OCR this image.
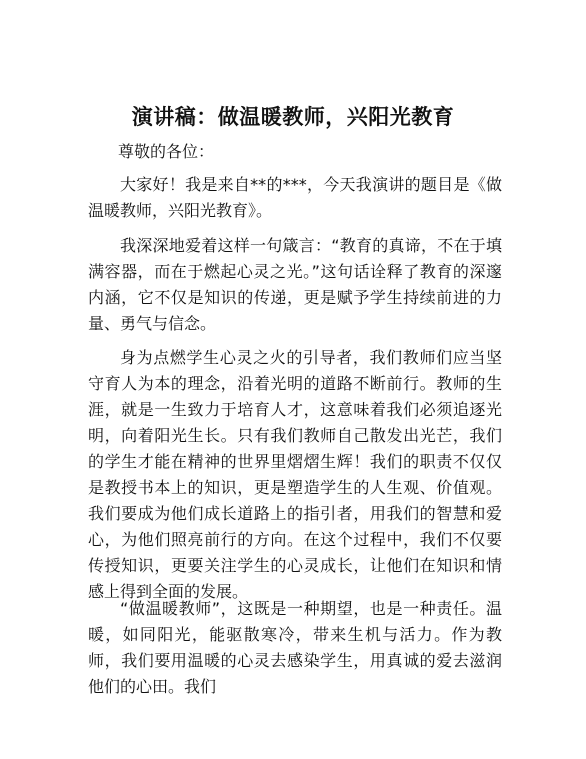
演讲稿：做温暖教师，兴阳光教育
尊敬的各位：

大家好！我是来自**的***，今天我演讲的题目是《做温暖教师，兴阳光教育》。

我深深地爱着这样一句箴言：“教育的真谛，不在于填满容器，而在于燃起心灵之光。”这句话诠释了教育的深邃内涵，它不仅是知识的传递，更是赋予学生持续前进的力量、勇气与信念。

身为点燃学生心灵之火的引导者，我们教师们应当坚守育人为本的理念，沿着光明的道路不断前行。教师的生涯，就是一生致力于培育人才，这意味着我们必须追逐光明，向着阳光生长。只有我们教师自己散发出光芒，我们的学生才能在精神的世界里熠熠生辉！我们的职责不仅仅是教授书本上的知识，更是塑造学生的人生观、价值观。我们要成为他们成长道路上的指引者，用我们的智慧和爱心，为他们照亮前行的方向。在这个过程中，我们不仅要传授知识，更要关注学生的心灵成长，让他们在知识和情感上得到全面的发展。

“做温暖教师”，这既是一种期望，也是一种责任。温暖，如同阳光，能驱散寒冷，带来生机与活力。作为教师，我们要用温暖的心灵去感染学生，用真诚的爱去滋润他们的心田。我们
